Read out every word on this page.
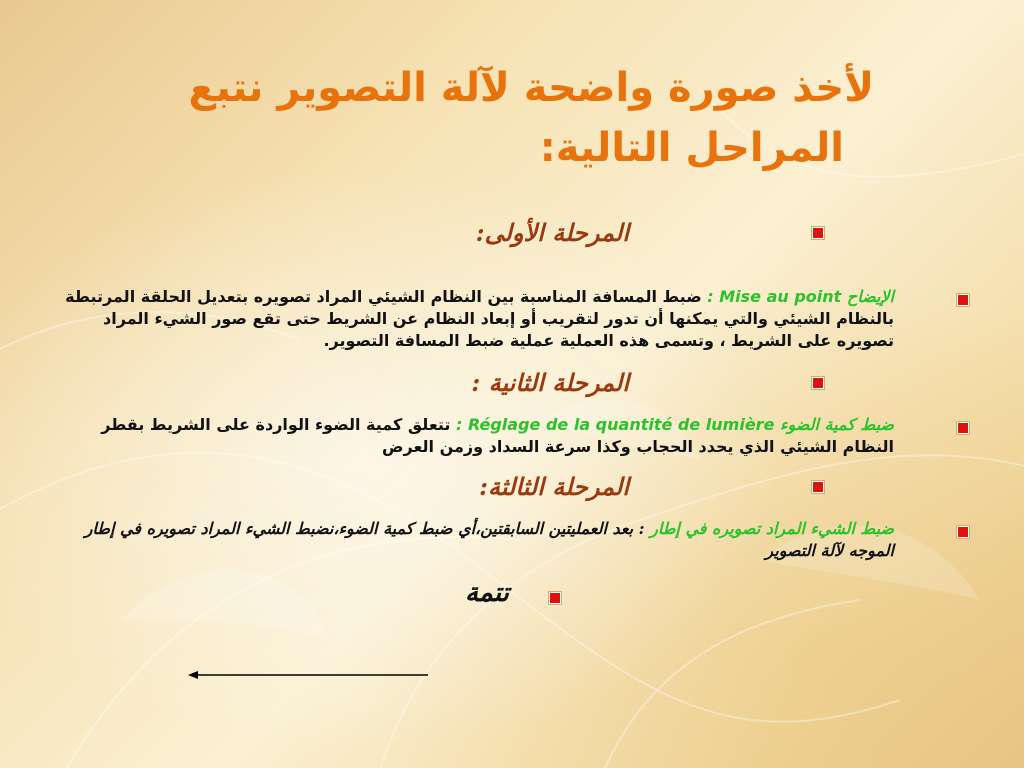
لأخذ صورة واضحة لآلة التصوير نتبع
المراحل التالية:
المرحلة الأولى:
الإيضاح Mise au point : ضبط المسافة المناسبة بين النظام الشيئي المراد تصويره بتعديل الحلقة المرتبطة بالنظام الشيئي والتي يمكنها أن تدور لتقريب أو إبعاد النظام عن الشريط حتى تقع صور الشيء المراد تصويره على الشريط ، وتسمى هذه العملية عملية ضبط المسافة التصوير.
المرحلة الثانية :
ضبط كمية الضوء Réglage de la quantité de lumière : تتعلق كمية الضوء الواردة على الشريط بقطر النظام الشيئي الذي يحدد الحجاب وكذا سرعة السداد وزمن العرض
المرحلة الثالثة:
ضبط الشيء المراد تصويره في إطار : بعد العمليتين السابقتين،أي ضبط كمية الضوء،نضبط الشيء المراد تصويره في إطار الموجه لآلة التصوير
تتمة
